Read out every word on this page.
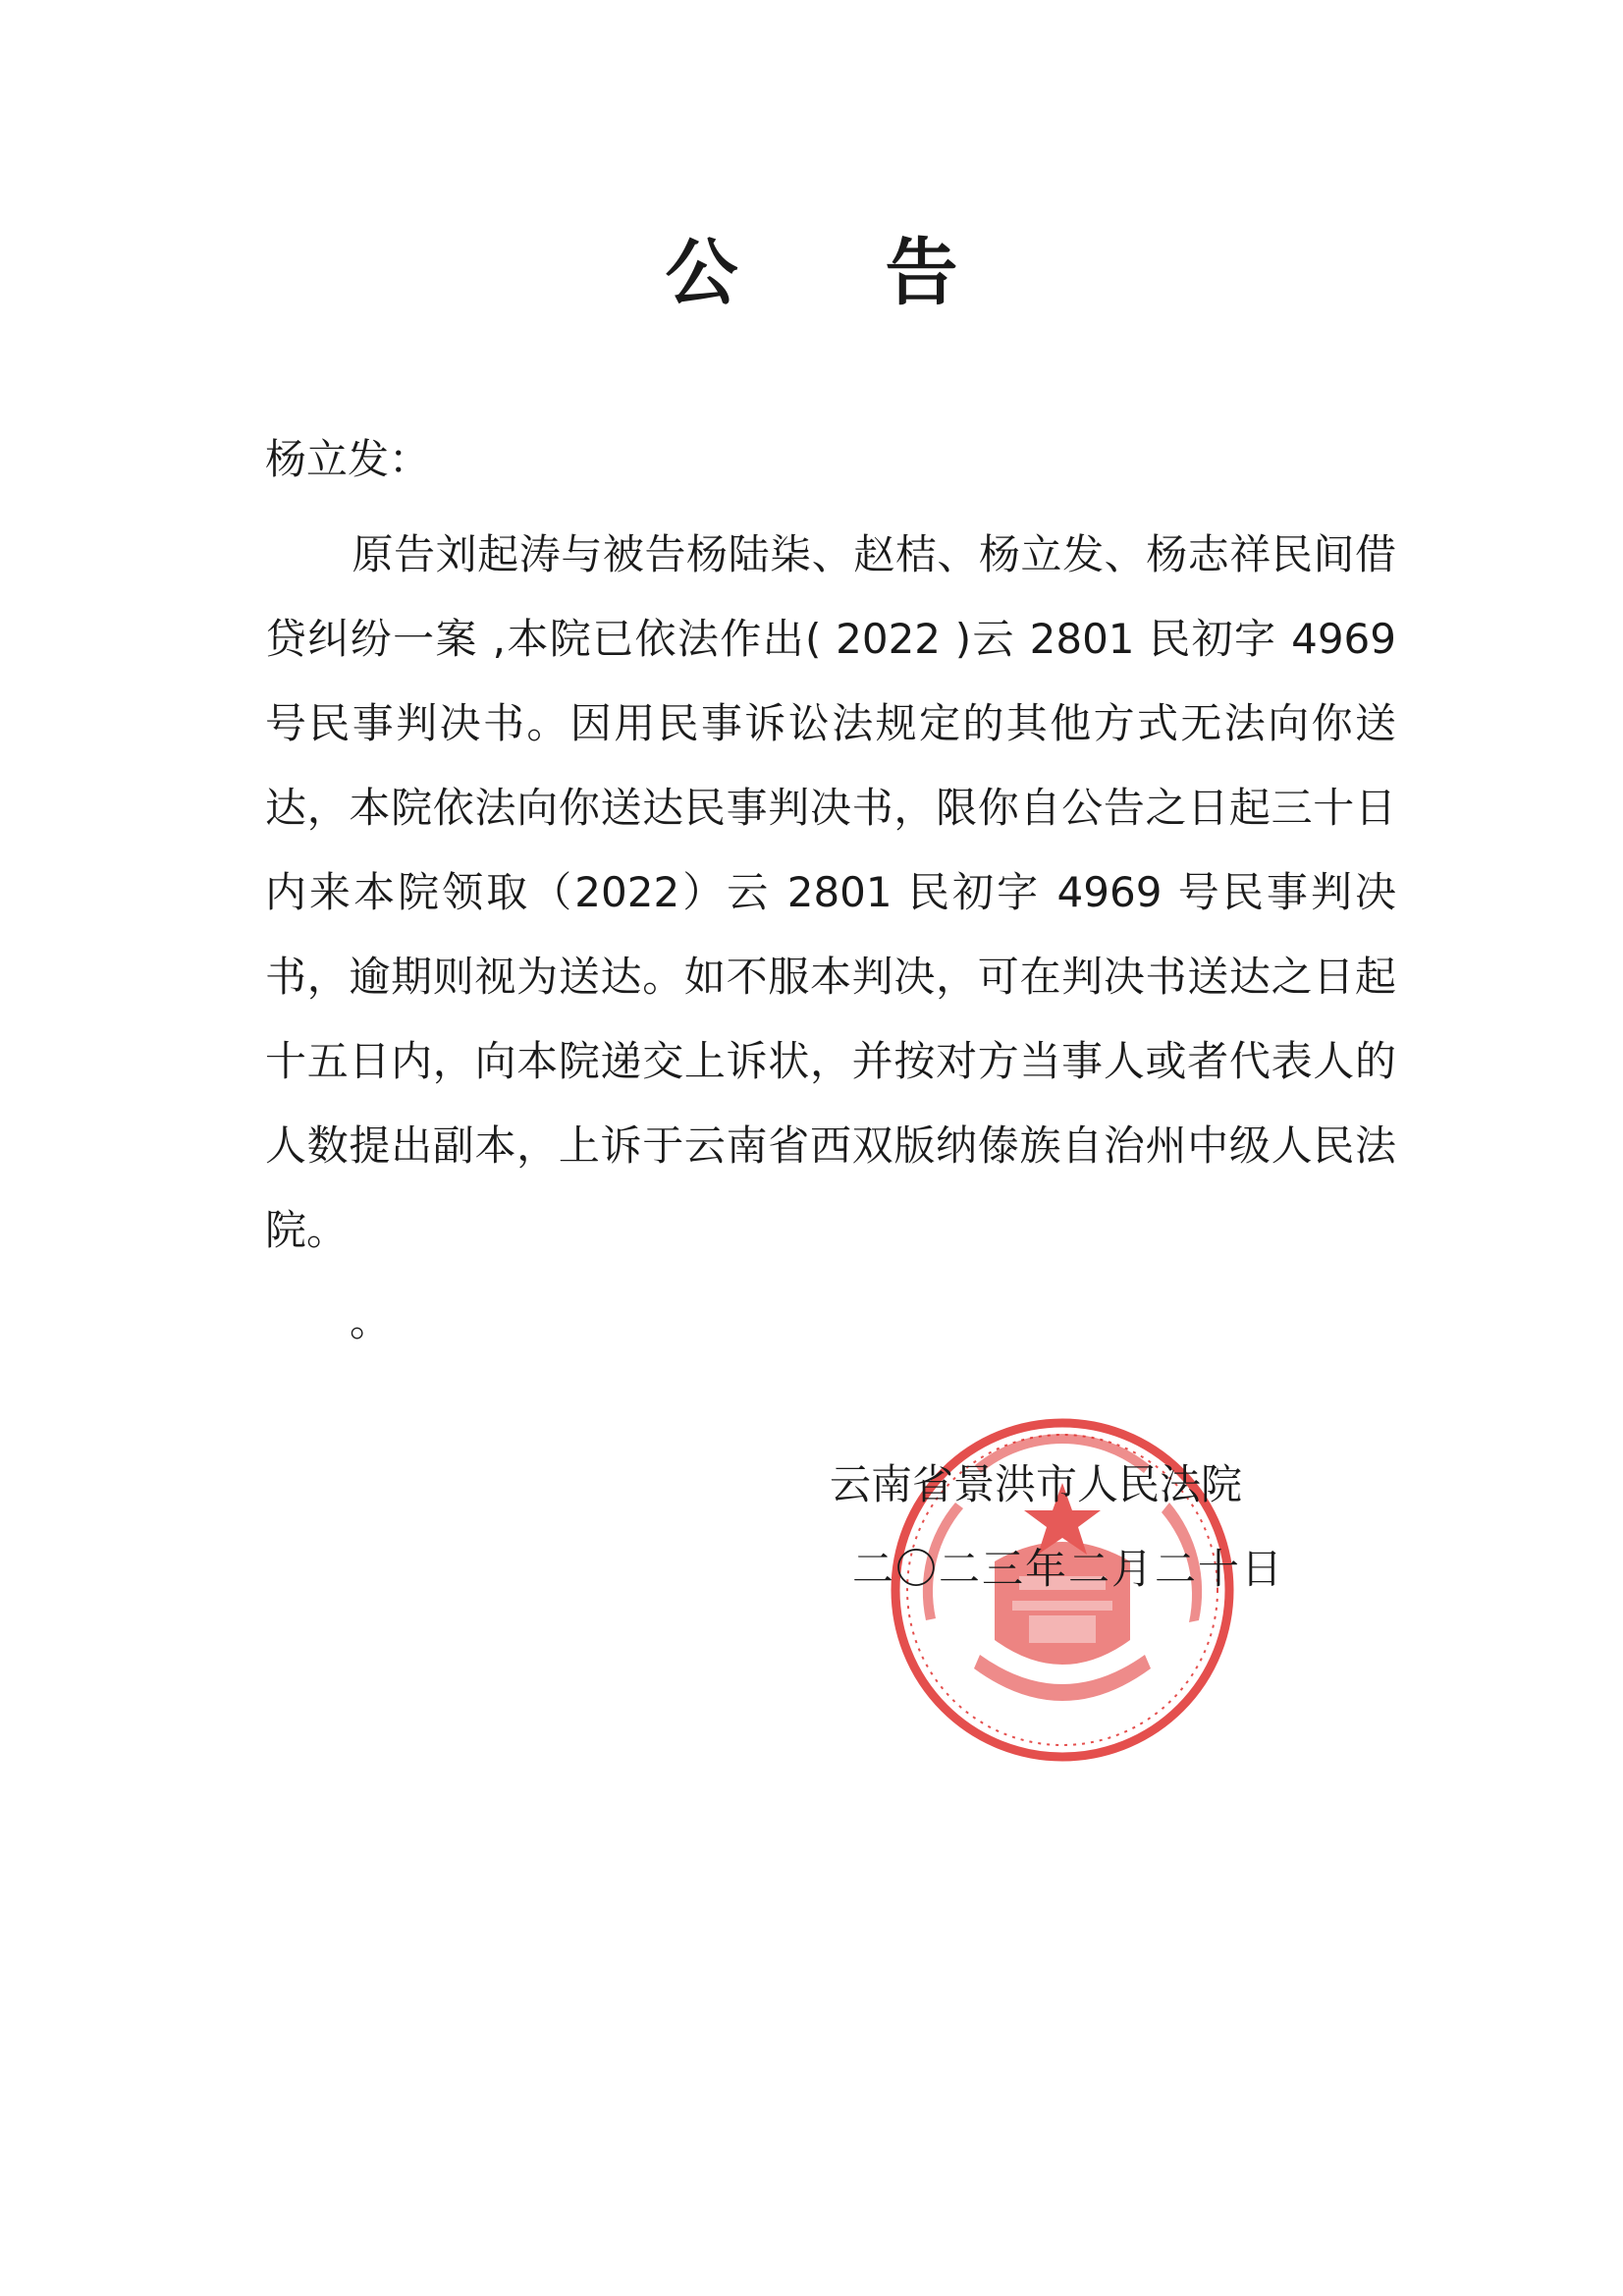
公 告
杨立发：
原告刘起涛与被告杨陆柒、赵桔、杨立发、杨志祥民间借贷纠纷一案 ,本院已依法作出( 2022 )云 2801 民初字 4969 号民事判决书。因用民事诉讼法规定的其他方式无法向你送达，本院依法向你送达民事判决书，限你自公告之日起三十日内来本院领取（2022）云 2801 民初字 4969 号民事判决书，逾期则视为送达。如不服本判决，可在判决书送达之日起十五日内，向本院递交上诉状，并按对方当事人或者代表人的人数提出副本，上诉于云南省西双版纳傣族自治州中级人民法院。
。
云南省景洪市人民法院
二〇二三年二月二十日
